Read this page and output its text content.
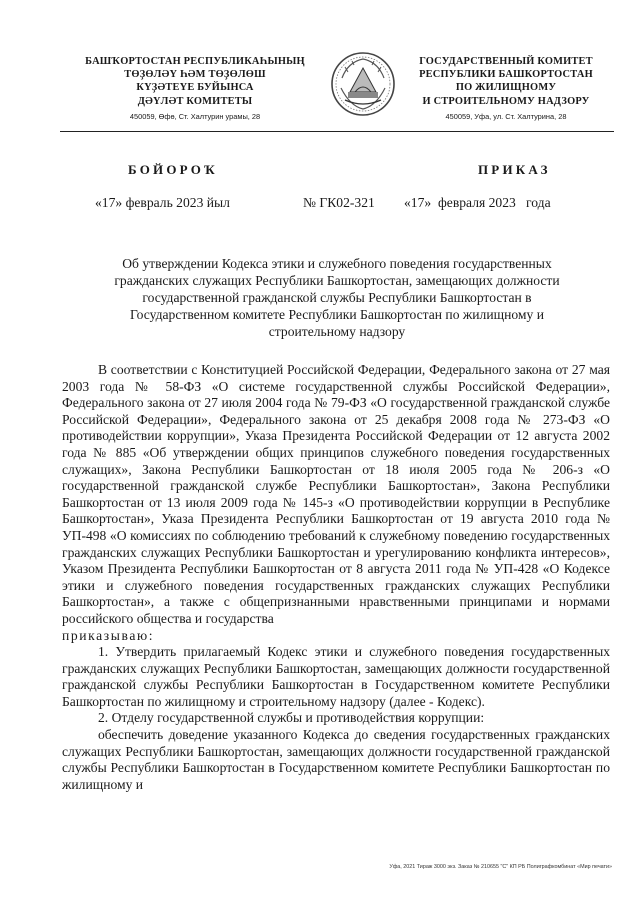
БАШҠОРТОСТАН РЕСПУБЛИКАҺЫНЫҢ
ТӨҘӨЛӘҮ ҺӘМ ТӨҘӨЛӨШ
КҮҘӘТЕҮЕ БУЙЫНСА
ДӘҮЛӘТ КОМИТЕТЫ
450059, Өфө, Ст. Халтурин урамы, 28
ГОСУДАРСТВЕННЫЙ КОМИТЕТ
РЕСПУБЛИКИ БАШКОРТОСТАН
ПО ЖИЛИЩНОМУ
И СТРОИТЕЛЬНОМУ НАДЗОРУ
450059, Уфа, ул. Ст. Халтурина, 28
БОЙОРОҠ	ПРИКАЗ
«17» февраль 2023 йыл	№ ГК02-321 «17»  февраля 2023   года
Об утверждении Кодекса этики и служебного поведения государственных
гражданских служащих Республики Башкортостан, замещающих должности
государственной гражданской службы Республики Башкортостан в
Государственном комитете Республики Башкортостан по жилищному и
строительному надзору

В соответствии с Конституцией Российской Федерации, Федерального закона от 27 мая 2003 года № 58-ФЗ «О системе государственной службы Российской Федерации», Федерального закона от 27 июля 2004 года № 79-ФЗ «О государственной гражданской службе Российской Федерации», Федерального закона от 25 декабря 2008 года № 273-ФЗ «О противодействии коррупции», Указа Президента Российской Федерации от 12 августа 2002 года № 885 «Об утверждении общих принципов служебного поведения государственных служащих», Закона Республики Башкортостан от 18 июля 2005 года № 206-з «О государственной гражданской службе Республики Башкортостан», Закона Республики Башкортостан от 13 июля 2009 года № 145-з «О противодействии коррупции в Республике Башкортостан», Указа Президента Республики Башкортостан от 19 августа 2010 года № УП-498 «О комиссиях по соблюдению требований к служебному поведению государственных гражданских служащих Республики Башкортостан и урегулированию конфликта интересов», Указом Президента Республики Башкортостан от 8 августа 2011 года № УП-428 «О Кодексе этики и служебного поведения государственных гражданских служащих Республики Башкортостан», а также с общепризнанными нравственными принципами и нормами российского общества и государства

приказываю:

1. Утвердить прилагаемый Кодекс этики и служебного поведения государственных гражданских служащих Республики Башкортостан, замещающих должности государственной гражданской службы Республики Башкортостан в Государственном комитете Республики Башкортостан по жилищному и строительному надзору (далее - Кодекс).

2. Отделу государственной службы и противодействия коррупции:

обеспечить доведение указанного Кодекса до сведения государственных гражданских служащих Республики Башкортостан, замещающих должности государственной гражданской службы Республики Башкортостан в Государственном комитете Республики Башкортостан по жилищному и

Уфа, 2021 Тираж 3000 экз. Заказ № 210655 "С" КП РБ Полиграфкомбинат «Мир печати»
